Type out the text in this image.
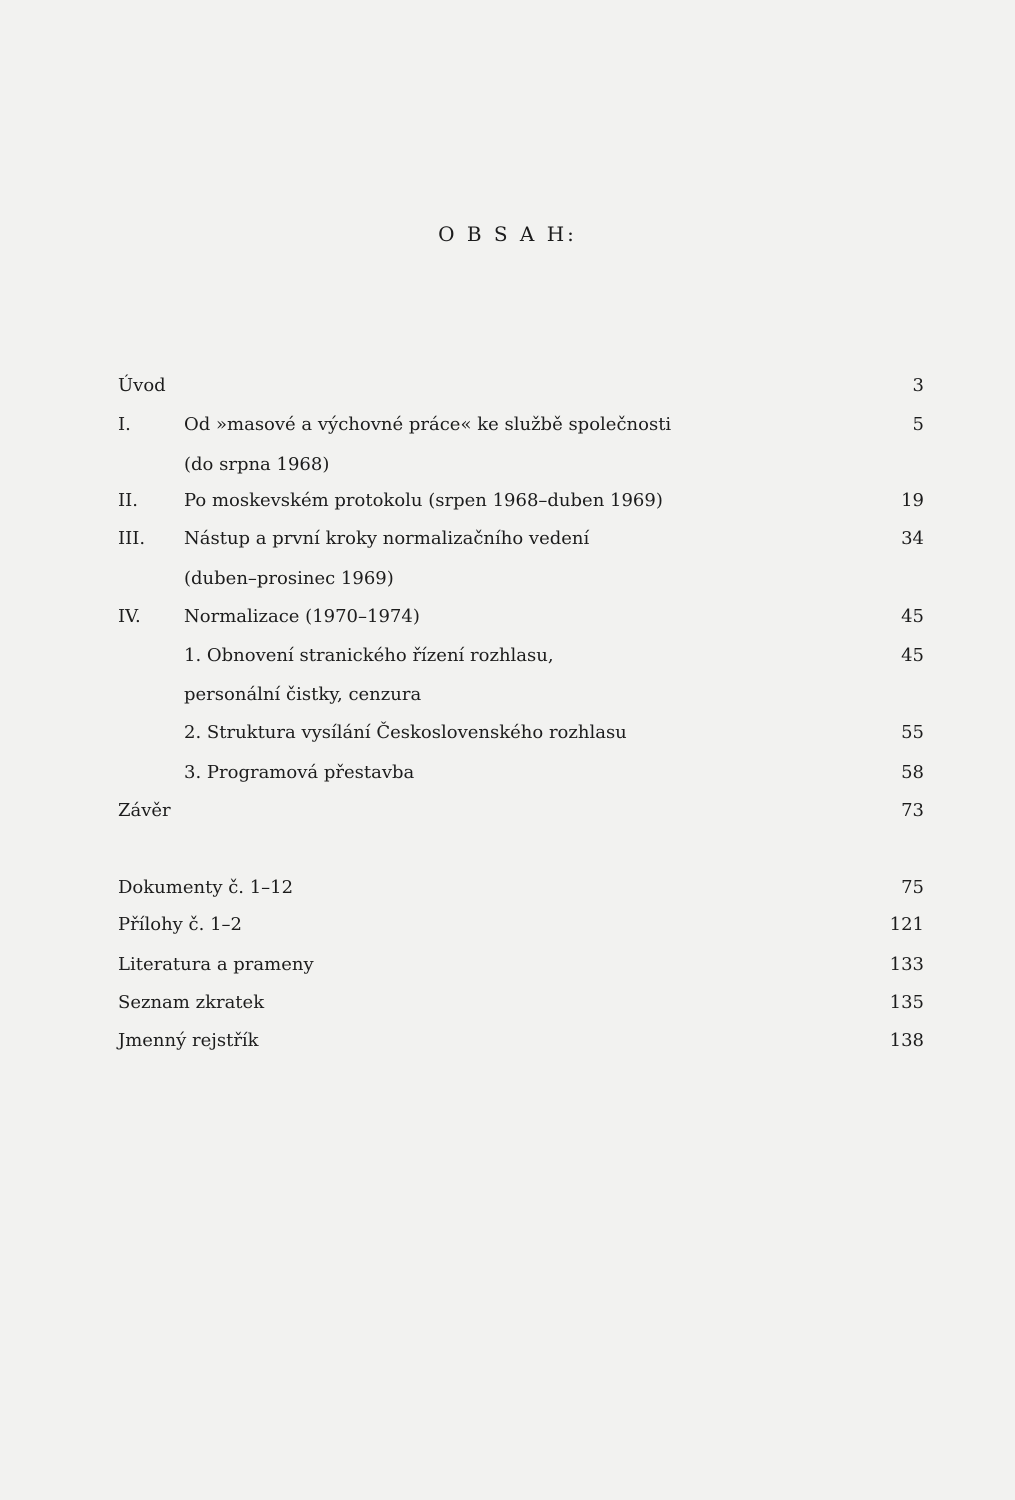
O B S A H:
Úvod	3
I.	Od »masové a výchovné práce« ke službě společnosti	5
(do srpna 1968)
II.	Po moskevském protokolu (srpen 1968–duben 1969)	19
III. Nástup a první kroky normalizačního vedení	34
(duben–prosinec 1969)
IV. Normalizace (1970–1974)	45
1. Obnovení stranického řízení rozhlasu,	45
personální čistky, cenzura
2. Struktura vysílání Československého rozhlasu	55
3. Programová přestavba	58
Závěr	73
Dokumenty č. 1–12	75
Přílohy č. 1–2	121
Literatura a prameny	133
Seznam zkratek	135
Jmenný rejstřík	138
